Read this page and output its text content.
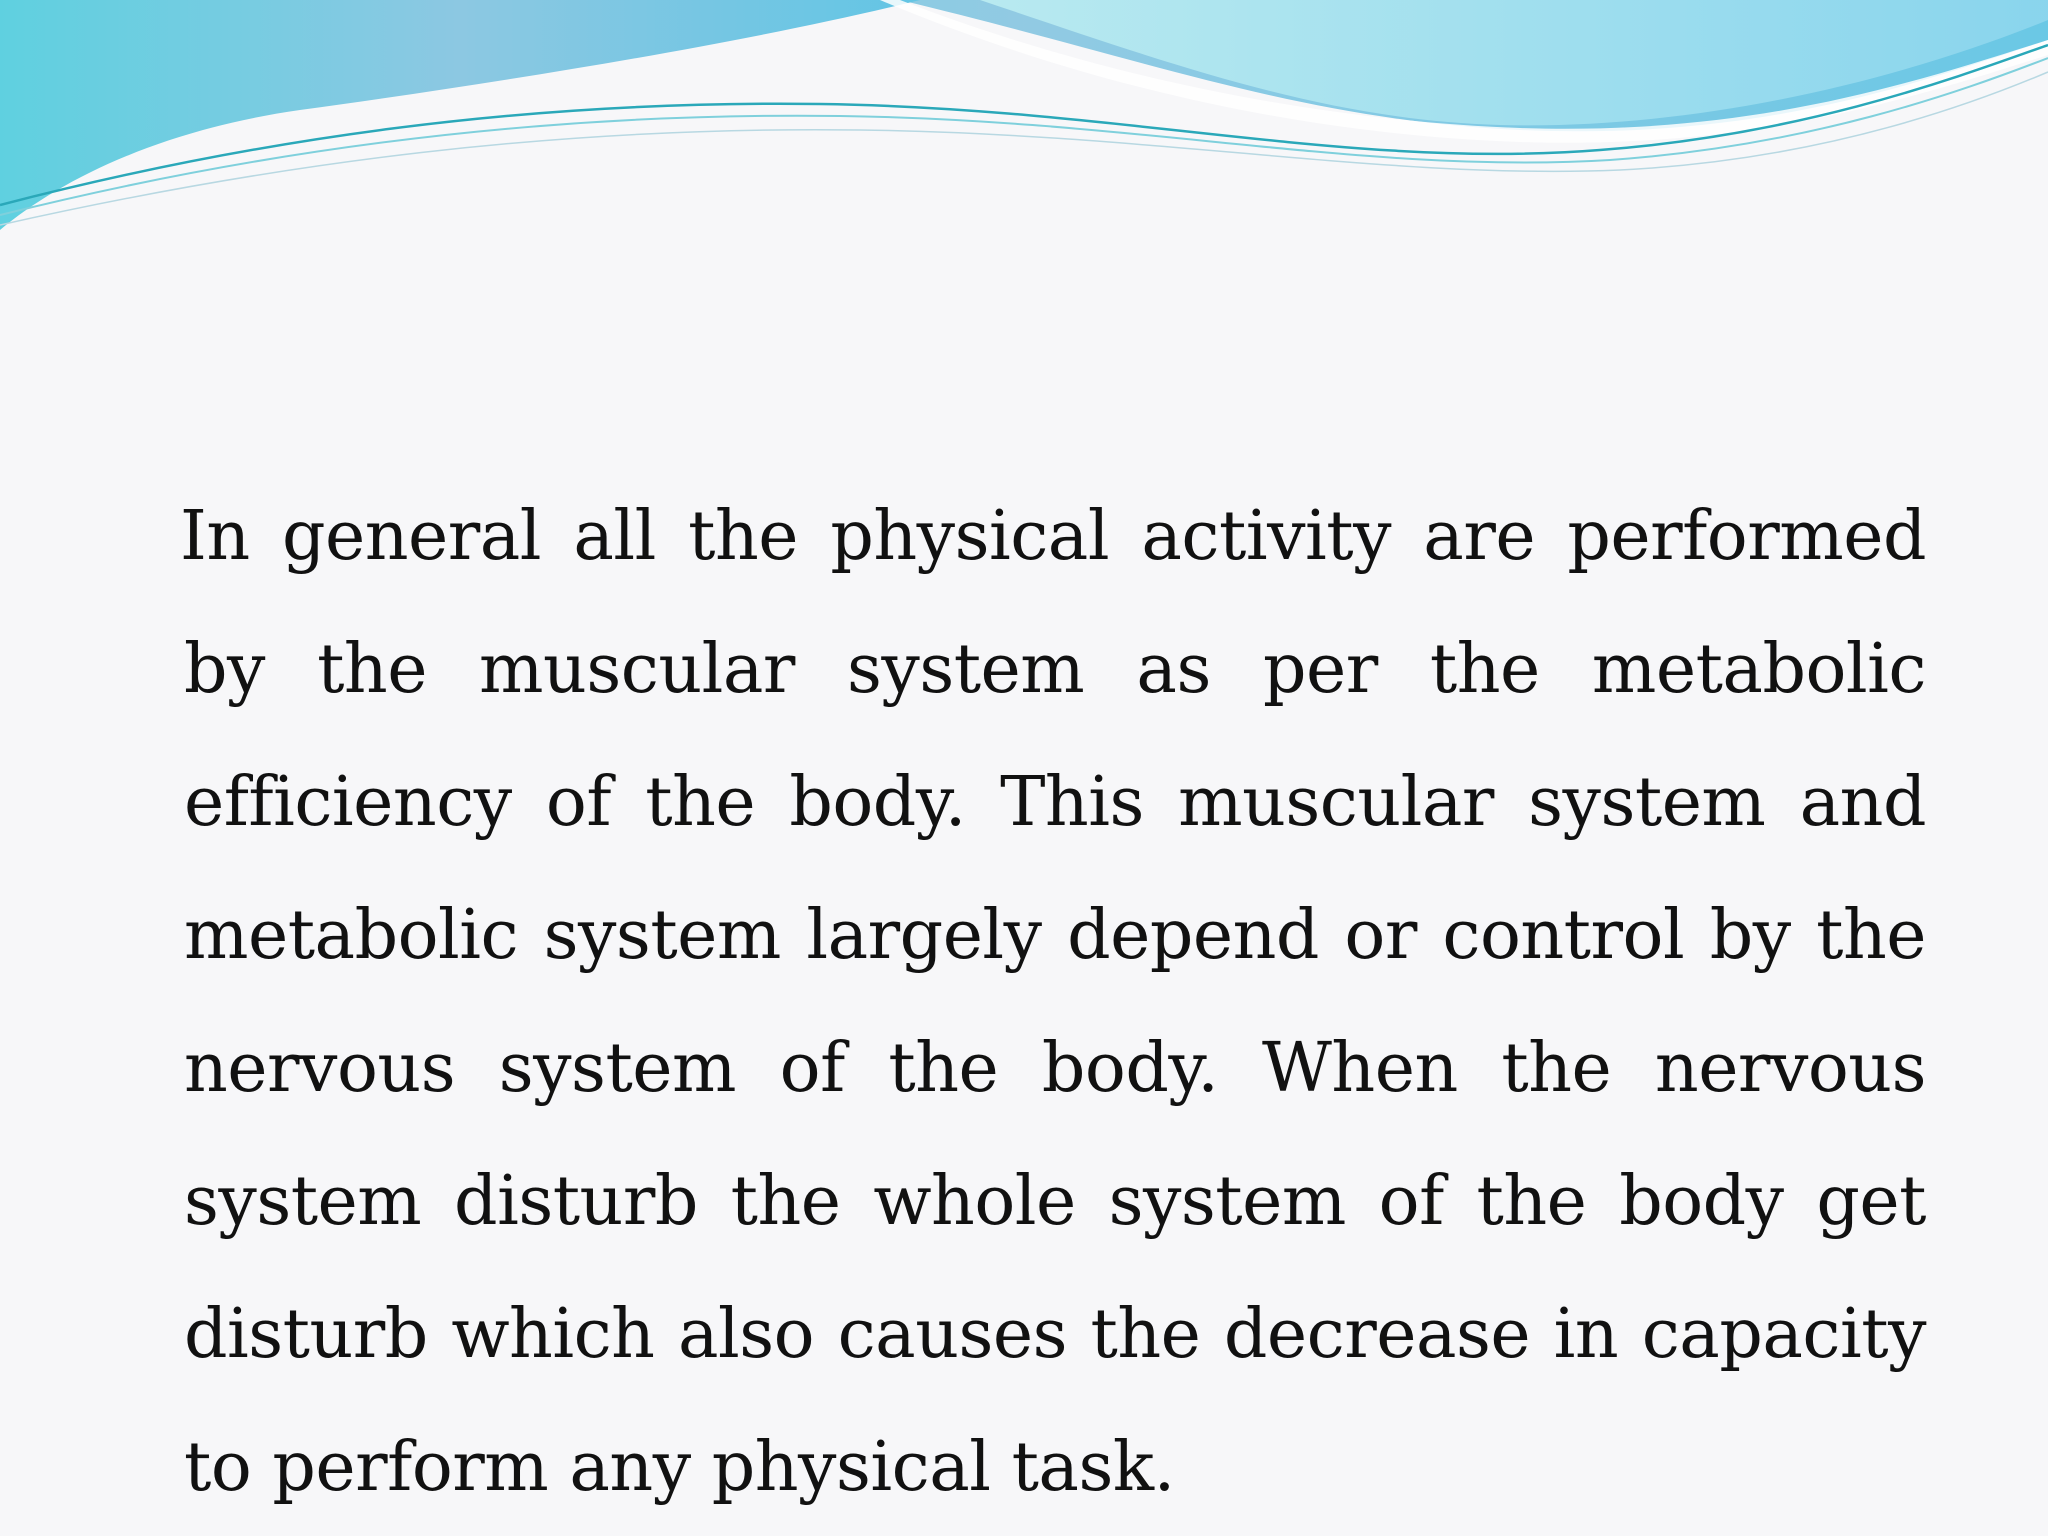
In general all the physical activity are performed by the muscular system as per the metabolic efficiency of the body. This muscular system and metabolic system largely depend or control by the nervous system of the body. When the nervous system disturb the whole system of the body get disturb which also causes the decrease in capacity to perform any physical task.
